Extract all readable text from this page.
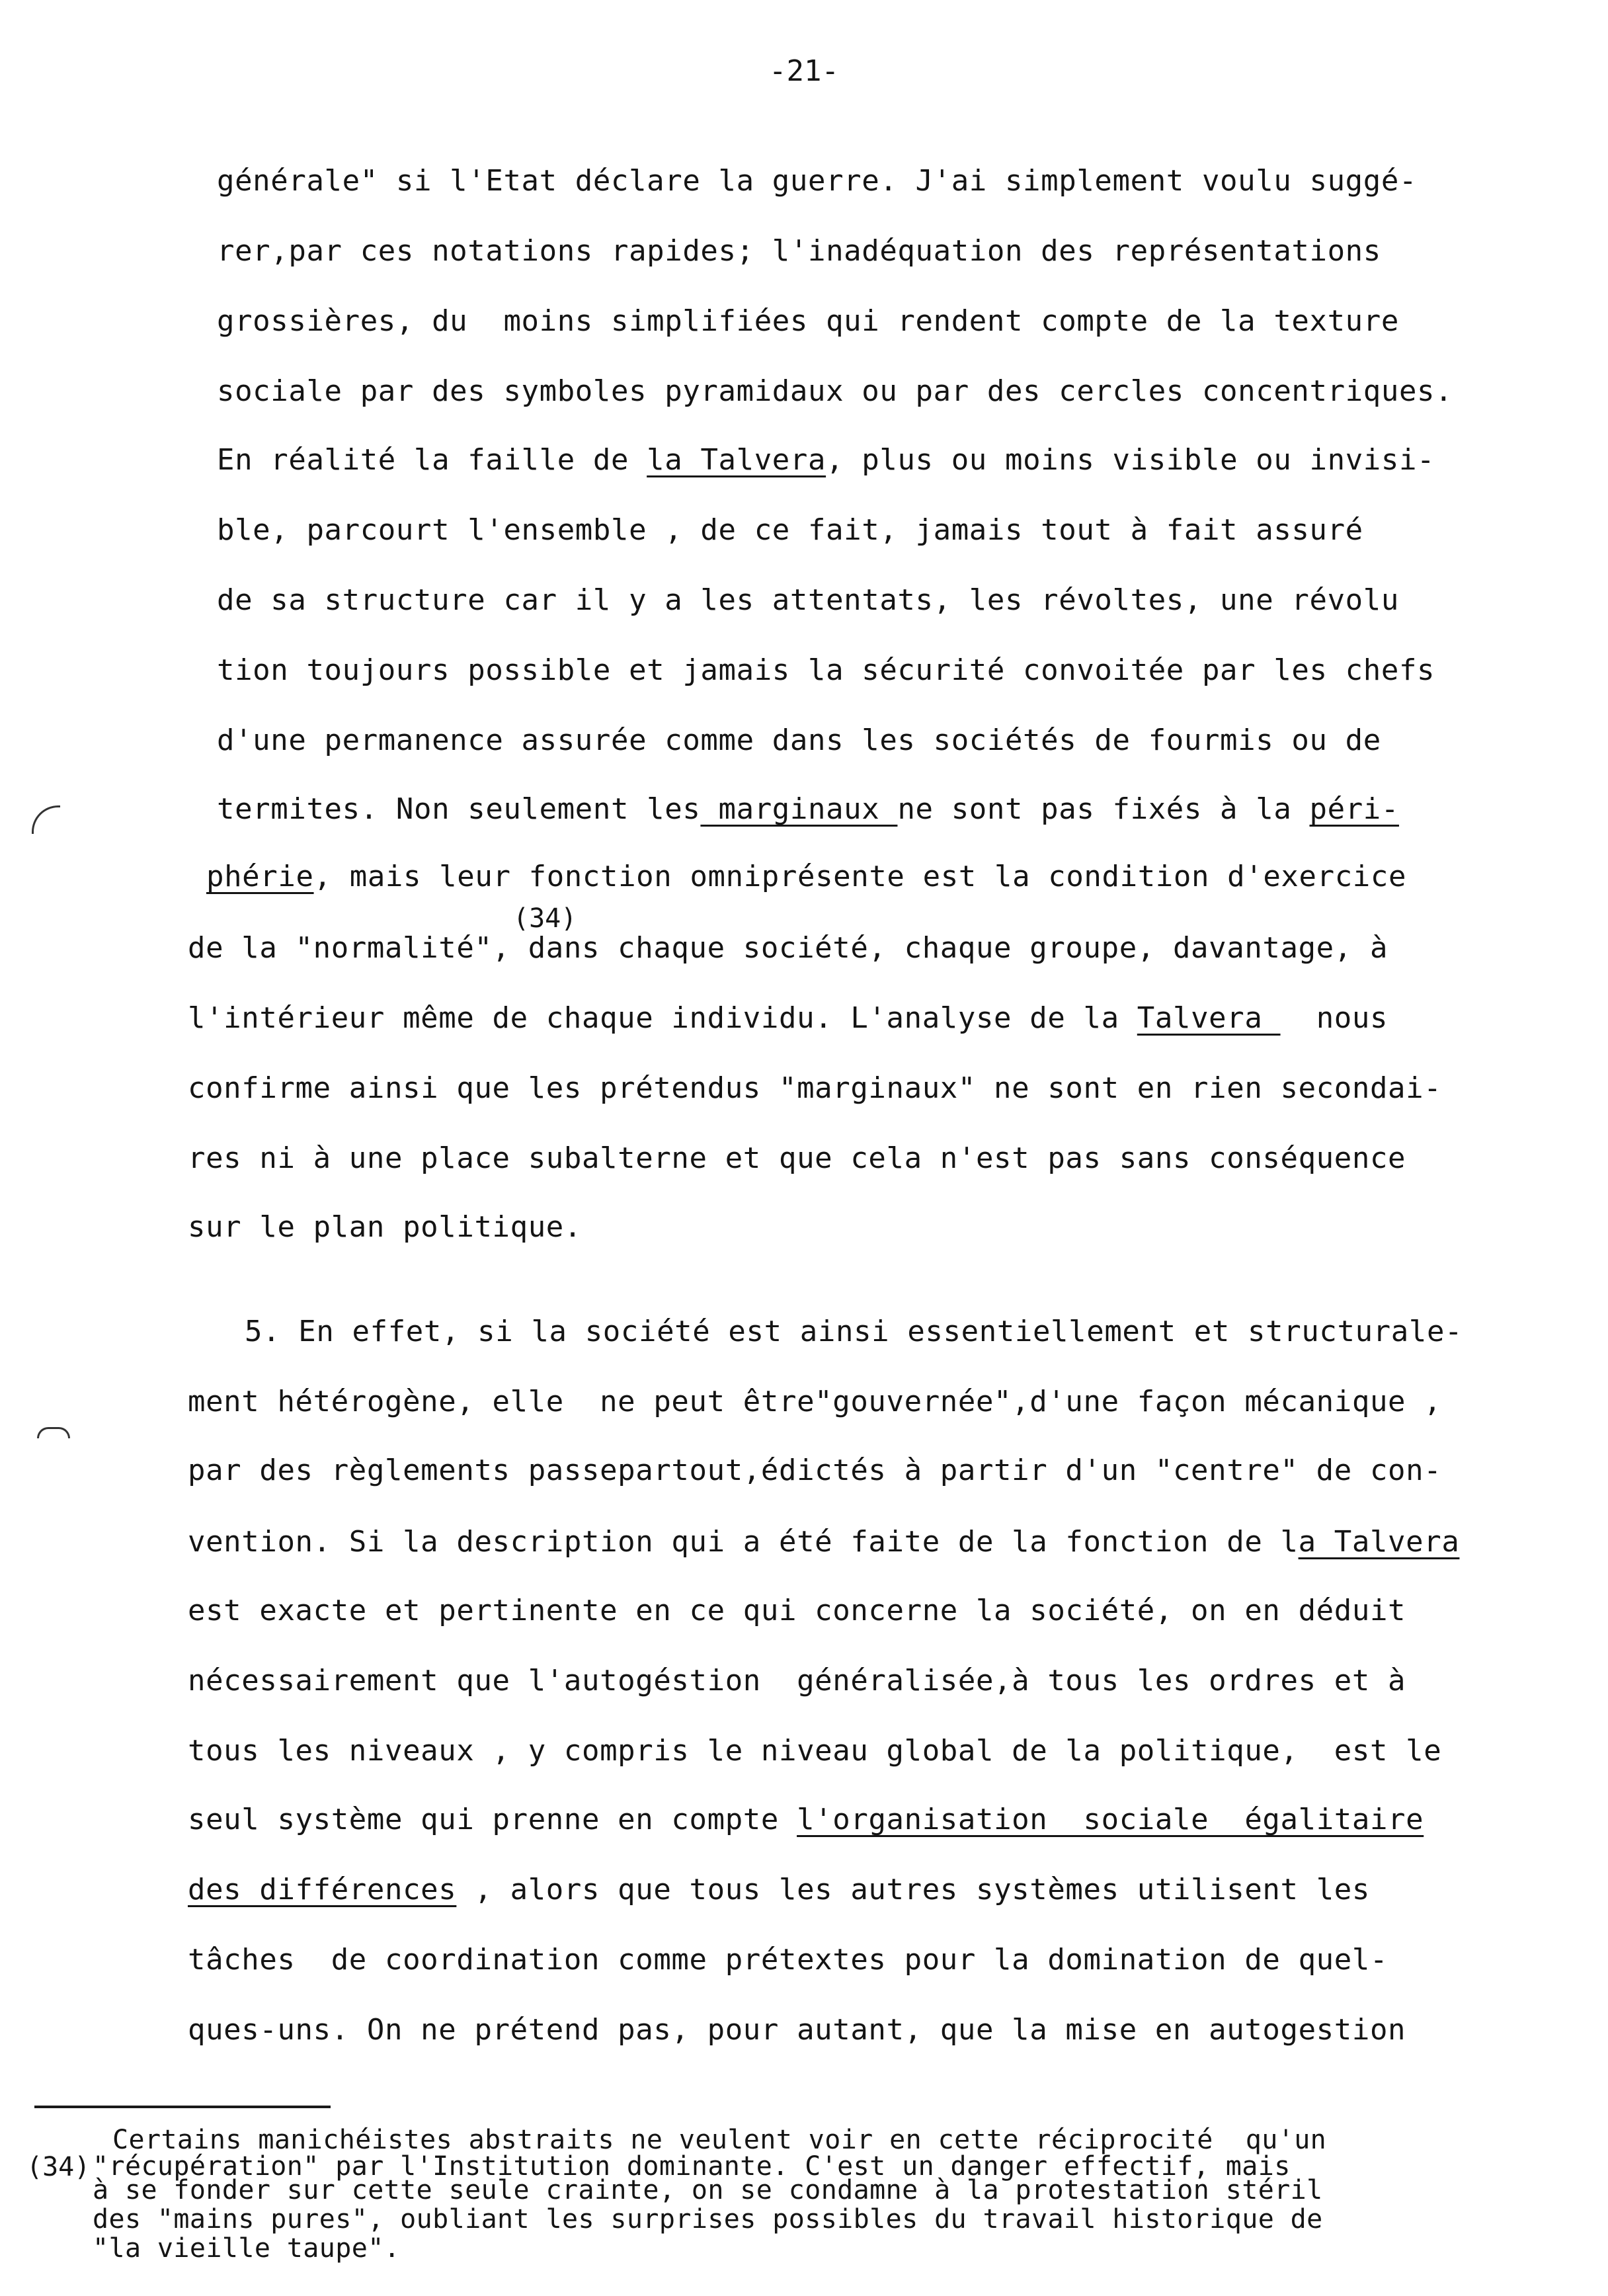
-21-
générale" si l'Etat déclare la guerre. J'ai simplement voulu suggé-
rer,par ces notations rapides; l'inadéquation des représentations
grossières, du  moins simplifiées qui rendent compte de la texture
sociale par des symboles pyramidaux ou par des cercles concentriques.
En réalité la faille de la Talvera, plus ou moins visible ou invisi-
ble, parcourt l'ensemble , de ce fait, jamais tout à fait assuré
de sa structure car il y a les attentats, les révoltes, une révolu
tion toujours possible et jamais la sécurité convoitée par les chefs
d'une permanence assurée comme dans les sociétés de fourmis ou de
termites. Non seulement les marginaux ne sont pas fixés à la péri-
phérie, mais leur fonction omniprésente est la condition d'exercice
(34)
de la "normalité", dans chaque société, chaque groupe, davantage, à
l'intérieur même de chaque individu. L'analyse de la Talvera   nous
confirme ainsi que les prétendus "marginaux" ne sont en rien secondai-
res ni à une place subalterne et que cela n'est pas sans conséquence
sur le plan politique.
5. En effet, si la société est ainsi essentiellement et structurale-
ment hétérogène, elle  ne peut être"gouvernée",d'une façon mécanique ,
par des règlements passepartout,édictés à partir d'un "centre" de con-
vention. Si la description qui a été faite de la fonction de la Talvera
est exacte et pertinente en ce qui concerne la société, on en déduit
nécessairement que l'autogéstion  généralisée,à tous les ordres et à
tous les niveaux , y compris le niveau global de la politique,  est le
seul système qui prenne en compte l'organisation  sociale  égalitaire
des différences , alors que tous les autres systèmes utilisent les
tâches  de coordination comme prétextes pour la domination de quel-
ques-uns. On ne prétend pas, pour autant, que la mise en autogestion
(34)
Certains manichéistes abstraits ne veulent voir en cette réciprocité  qu'un
"récupération" par l'Institution dominante. C'est un danger effectif, mais
à se fonder sur cette seule crainte, on se condamne à la protestation stéril
des "mains pures", oubliant les surprises possibles du travail historique de
"la vieille taupe".
